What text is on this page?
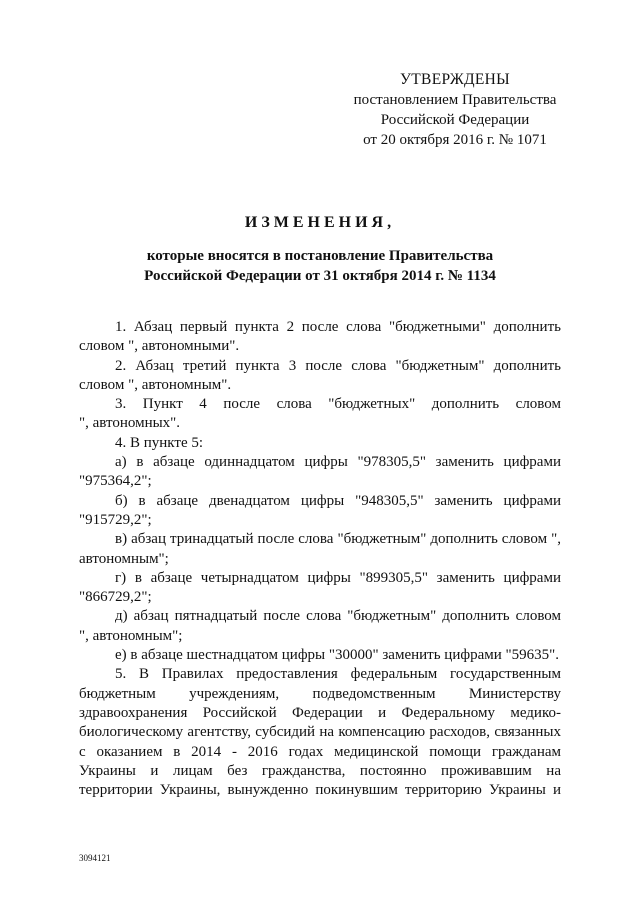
УТВЕРЖДЕНЫ
постановлением Правительства
Российской Федерации
от 20 октября 2016 г. № 1071
ИЗМЕНЕНИЯ,
которые вносятся в постановление Правительства
Российской Федерации от 31 октября 2014 г. № 1134
1. Абзац первый пункта 2 после слова "бюджетными" дополнить
словом ", автономными".
2. Абзац третий пункта 3 после слова "бюджетным" дополнить
словом ", автономным".
3. Пункт 4 после слова "бюджетных" дополнить словом
", автономных".
4. В пункте 5:
а) в абзаце одиннадцатом цифры "978305,5" заменить цифрами
"975364,2";
б) в абзаце двенадцатом цифры "948305,5" заменить цифрами
"915729,2";
в) абзац тринадцатый после слова "бюджетным" дополнить словом ",
автономным";
г) в абзаце четырнадцатом цифры "899305,5" заменить цифрами
"866729,2";
д) абзац пятнадцатый после слова "бюджетным" дополнить словом
", автономным";
е) в абзаце шестнадцатом цифры "30000" заменить цифрами "59635".
5. В Правилах предоставления федеральным государственным
бюджетным учреждениям, подведомственным Министерству
здравоохранения Российской Федерации и Федеральному медико-
биологическому агентству, субсидий на компенсацию расходов, связанных
с оказанием в 2014 - 2016 годах медицинской помощи гражданам
Украины и лицам без гражданства, постоянно проживавшим на
территории Украины, вынужденно покинувшим территорию Украины и
3094121
